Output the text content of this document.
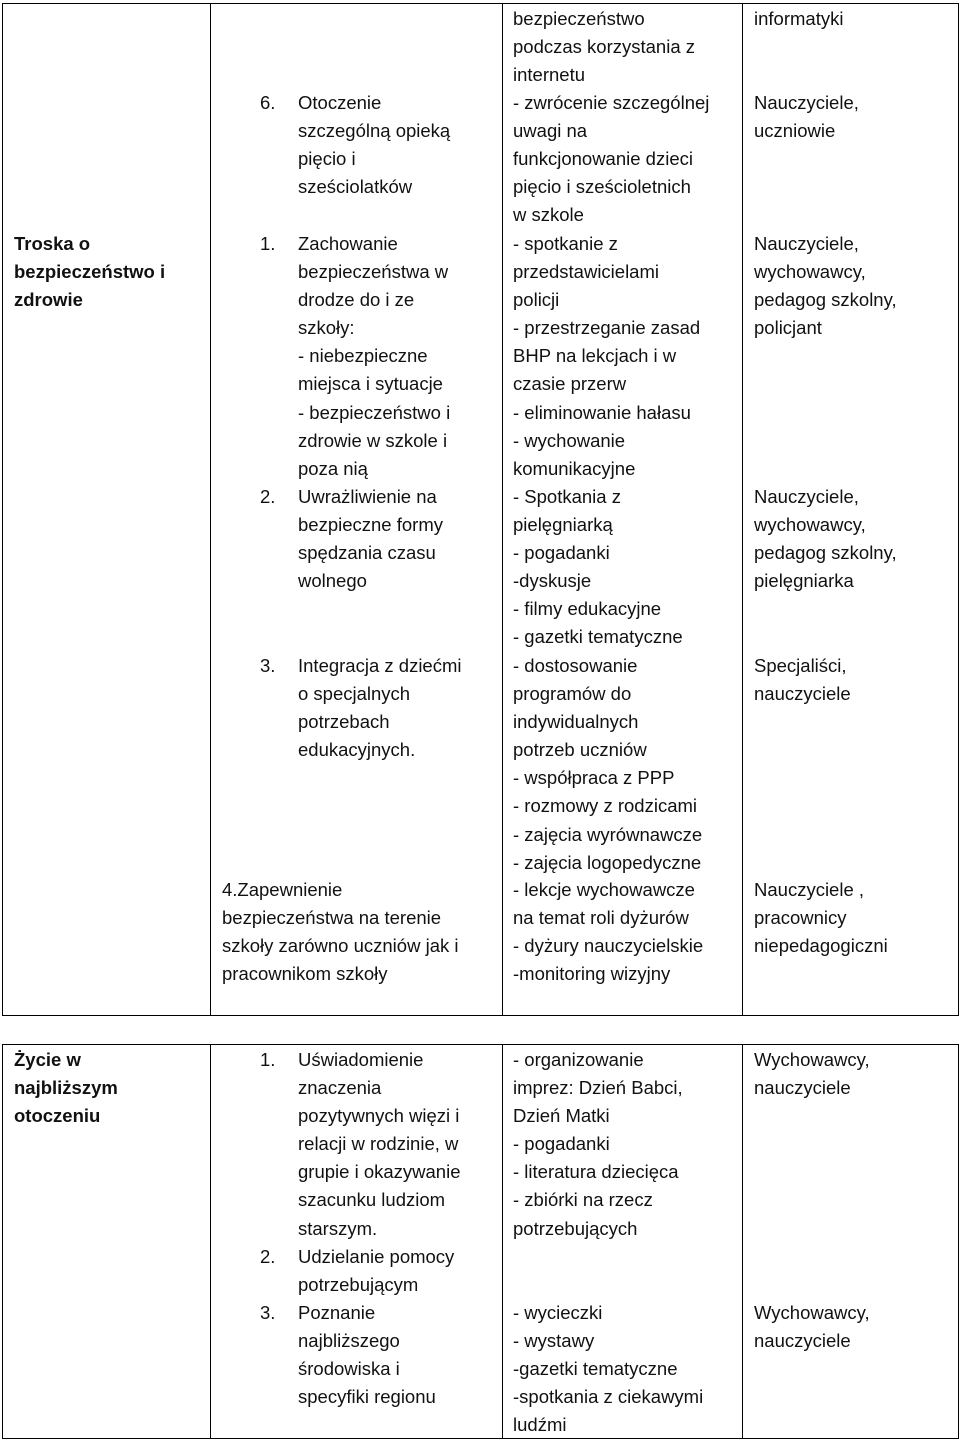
Troska o
bezpieczeństwo i
zdrowie
bezpieczeństwo
podczas korzystania z
internetu
informatyki
6. Otoczenie
szczególną opieką
pięcio i
sześciolatków
- zwrócenie szczególnej
uwagi na
funkcjonowanie dzieci
pięcio i sześcioletnich
w szkole
Nauczyciele,
uczniowie
1. Zachowanie
bezpieczeństwa w
drodze do i ze
szkoły:
- niebezpieczne
miejsca i sytuacje
- bezpieczeństwo i
zdrowie w szkole i
poza nią
- spotkanie z
przedstawicielami
policji
- przestrzeganie zasad
BHP na lekcjach i w
czasie przerw
- eliminowanie hałasu
- wychowanie
komunikacyjne
Nauczyciele,
wychowawcy,
pedagog szkolny,
policjant
2. Uwrażliwienie na
bezpieczne formy
spędzania czasu
wolnego
- Spotkania z
pielęgniarką
- pogadanki
-dyskusje
- filmy edukacyjne
- gazetki tematyczne
Nauczyciele,
wychowawcy,
pedagog szkolny,
pielęgniarka
3. Integracja z dziećmi
o specjalnych
potrzebach
edukacyjnych.
- dostosowanie
programów do
indywidualnych
potrzeb uczniów
- współpraca z PPP
- rozmowy z rodzicami
- zajęcia wyrównawcze
- zajęcia logopedyczne
Specjaliści,
nauczyciele
4.Zapewnienie
bezpieczeństwa na terenie
szkoły zarówno uczniów jak i
pracownikom szkoły
- lekcje wychowawcze
na temat roli dyżurów
- dyżury nauczycielskie
-monitoring wizyjny
Nauczyciele ,
pracownicy
niepedagogiczni
Życie w
najbliższym
otoczeniu
1. Uświadomienie
znaczenia
pozytywnych więzi i
relacji w rodzinie, w
grupie i okazywanie
szacunku ludziom
starszym.
2. Udzielanie pomocy
potrzebującym
- organizowanie
imprez: Dzień Babci,
Dzień Matki
- pogadanki
- literatura dziecięca
- zbiórki na rzecz
potrzebujących
Wychowawcy,
nauczyciele
3. Poznanie
najbliższego
środowiska i
specyfiki regionu
- wycieczki
- wystawy
-gazetki tematyczne
-spotkania z ciekawymi
ludźmi
Wychowawcy,
nauczyciele
